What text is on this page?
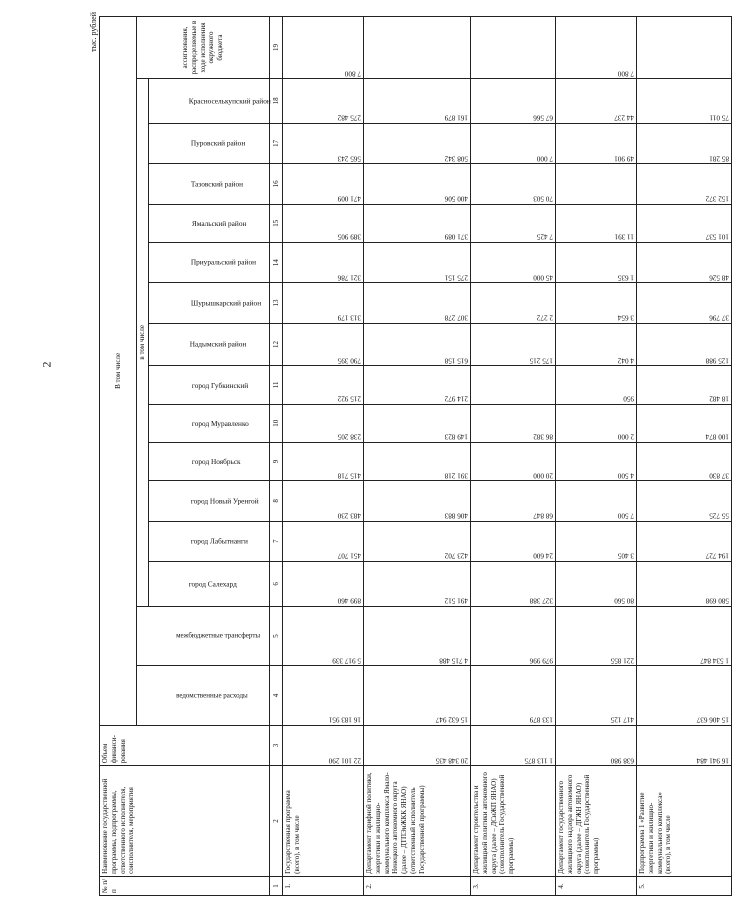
2
тыс. рублей
№ п/п	Наименование государственной программы, подпрограммы, ответственного исполнителя, соисполнителя, мероприятия	Объем финанси-рования	В том числе															

			ведомственные расходы	межбюджетные трансферты	в том числе													ассигнования, распределяемые в ходе исполнения окружного бюджета

					город Салехард	город Лабытнанги	город Новый Уренгой	город Ноябрьск	город Муравленко	город Губкинский	Надымский район	Шурышкарский район	Приуральский район	Ямальский район	Тазовский район	Пуровский район	Красноселькупский район	

1	2	3	4	5	6	7	8	9	10	11	12	13	14	15	16	17	18	19
1.	Государственная программа (всего), в том числе	22 101 290	16 183 951	5 917 339	899 460	451 707	483 230	415 718	238 205	215 922	790 395	313 179	321 786	389 905	471 009	565 243	275 482	7 800
2.	Департамент тарифной политики, энергетики и жилищно-коммунального комплекса Ямало-Ненецкого автономного округа (далее – ДТПЭиЖКК ЯНАО) (ответственный исполнитель Государственной программы)	20 348 435	15 632 947	4 715 488	491 512	423 702	406 883	391 218	149 823	214 972	615 158	307 278	275 151	371 089	400 506	508 342	161 879	
3.	Департамент строительства и жилищной политики автономного округа (далее – ДСиЖП ЯНАО) (соисполнитель Государственной программы)	1 113 875	133 879	979 996	327 388	24 600	68 847	20 000	86 382		175 215	2 272	45 000	7 425	70 503	7 000	67 566	
4.	Департамент государственного жилищного надзора автономного округа (далее – ДГЖН ЯНАО) (соисполнитель Государственной программы)	638 980	417 125	221 855	80 560	3 405	7 500	4 500	2 000	950	4 042	3 654	1 635	11 391		49 901	44 237	7 800
5.	Подпрограмма 1 «Развитие энергетики и жилищно-коммунального комплекса» (всего), в том числе	16 941 484	15 406 637	1 534 847	580 698	194 727	55 725	37 830	100 874	18 482	125 988	37 796	48 526	101 537	152 372	85 281	75 011	
